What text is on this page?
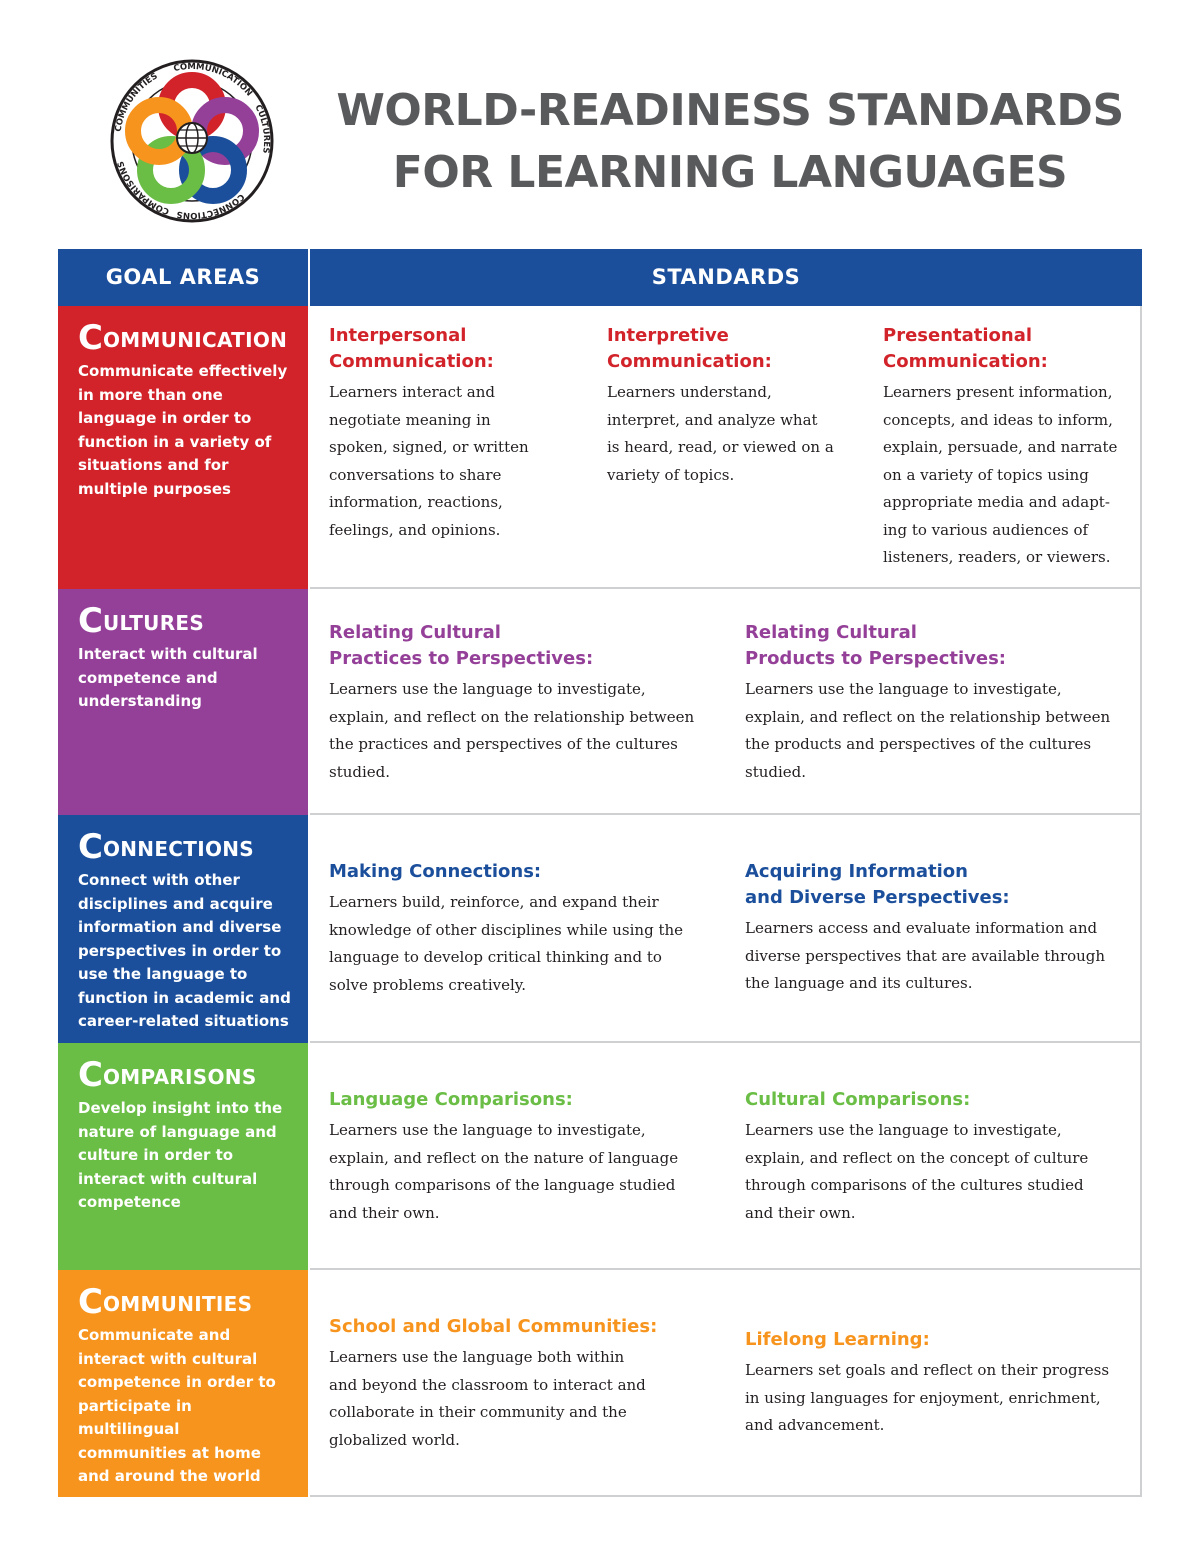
COMMUNICATION
CULTURES
CONNECTIONS
COMPARISONS
COMMUNITIES
WORLD-READINESS STANDARDS
FOR LEARNING LANGUAGES
GOAL AREAS	STANDARDS
COMMUNICATION
Communicate effectively in more than one language in order to function in a variety of situations and for multiple purposes
Interpersonal
Communication:
Learners interact and
negotiate meaning in
spoken, signed, or written
conversations to share
information, reactions,
feelings, and opinions.
Interpretive
Communication:
Learners understand,
interpret, and analyze what
is heard, read, or viewed on a
variety of topics.
Presentational
Communication:
Learners present information,
concepts, and ideas to inform,
explain, persuade, and narrate
on a variety of topics using
appropriate media and adapt-
ing to various audiences of
listeners, readers, or viewers.
CULTURES
Interact with cultural competence and understanding
Relating Cultural
Practices to Perspectives:
Learners use the language to investigate,
explain, and reflect on the relationship between
the practices and perspectives of the cultures
studied.
Relating Cultural
Products to Perspectives:
Learners use the language to investigate,
explain, and reflect on the relationship between
the products and perspectives of the cultures
studied.
CONNECTIONS
Connect with other disciplines and acquire information and diverse perspectives in order to use the language to function in academic and career-related situations
Making Connections:
Learners build, reinforce, and expand their
knowledge of other disciplines while using the
language to develop critical thinking and to
solve problems creatively.
Acquiring Information
and Diverse Perspectives:
Learners access and evaluate information and
diverse perspectives that are available through
the language and its cultures.
COMPARISONS
Develop insight into the nature of language and culture in order to interact with cultural competence
Language Comparisons:
Learners use the language to investigate,
explain, and reflect on the nature of language
through comparisons of the language studied
and their own.
Cultural Comparisons:
Learners use the language to investigate,
explain, and reflect on the concept of culture
through comparisons of the cultures studied
and their own.
COMMUNITIES
Communicate and interact with cultural competence in order to participate in multilingual communities at home and around the world
School and Global Communities:
Learners use the language both within
and beyond the classroom to interact and
collaborate in their community and the
globalized world.
Lifelong Learning:
Learners set goals and reflect on their progress
in using languages for enjoyment, enrichment,
and advancement.
